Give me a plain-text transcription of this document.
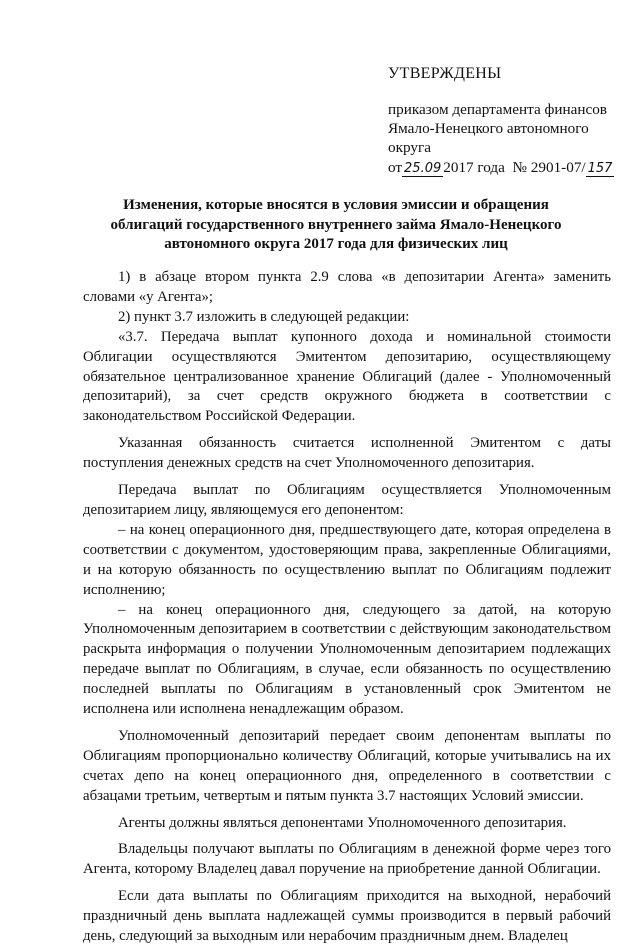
УТВЕРЖДЕНЫ
приказом департамента финансов
Ямало-Ненецкого автономного
округа
от 25.09 2017 года № 2901-07/ 157
Изменения, которые вносятся в условия эмиссии и обращения
облигаций государственного внутреннего займа Ямало-Ненецкого
автономного округа 2017 года для физических лиц

1) в абзаце втором пункта 2.9 слова «в депозитарии Агента» заменить словами «у Агента»;

2) пункт 3.7 изложить в следующей редакции:

«3.7. Передача выплат купонного дохода и номинальной стоимости Облигации осуществляются Эмитентом депозитарию, осуществляющему обязательное централизованное хранение Облигаций (далее - Уполномоченный депозитарий), за счет средств окружного бюджета в соответствии с законодательством Российской Федерации.

Указанная обязанность считается исполненной Эмитентом с даты поступления денежных средств на счет Уполномоченного депозитария.

Передача выплат по Облигациям осуществляется Уполномоченным депозитарием лицу, являющемуся его депонентом:

– на конец операционного дня, предшествующего дате, которая определена в соответствии с документом, удостоверяющим права, закрепленные Облигациями, и на которую обязанность по осуществлению выплат по Облигациям подлежит исполнению;

– на конец операционного дня, следующего за датой, на которую Уполномоченным депозитарием в соответствии с действующим законодательством раскрыта информация о получении Уполномоченным депозитарием подлежащих передаче выплат по Облигациям, в случае, если обязанность по осуществлению последней выплаты по Облигациям в установленный срок Эмитентом не исполнена или исполнена ненадлежащим образом.

Уполномоченный депозитарий передает своим депонентам выплаты по Облигациям пропорционально количеству Облигаций, которые учитывались на их счетах депо на конец операционного дня, определенного в соответствии с абзацами третьим, четвертым и пятым пункта 3.7 настоящих Условий эмиссии.

Агенты должны являться депонентами Уполномоченного депозитария.

Владельцы получают выплаты по Облигациям в денежной форме через того Агента, которому Владелец давал поручение на приобретение данной Облигации.

Если дата выплаты по Облигациям приходится на выходной, нерабочий праздничный день выплата надлежащей суммы производится в первый рабочий день, следующий за выходным или нерабочим праздничным днем. Владелец
